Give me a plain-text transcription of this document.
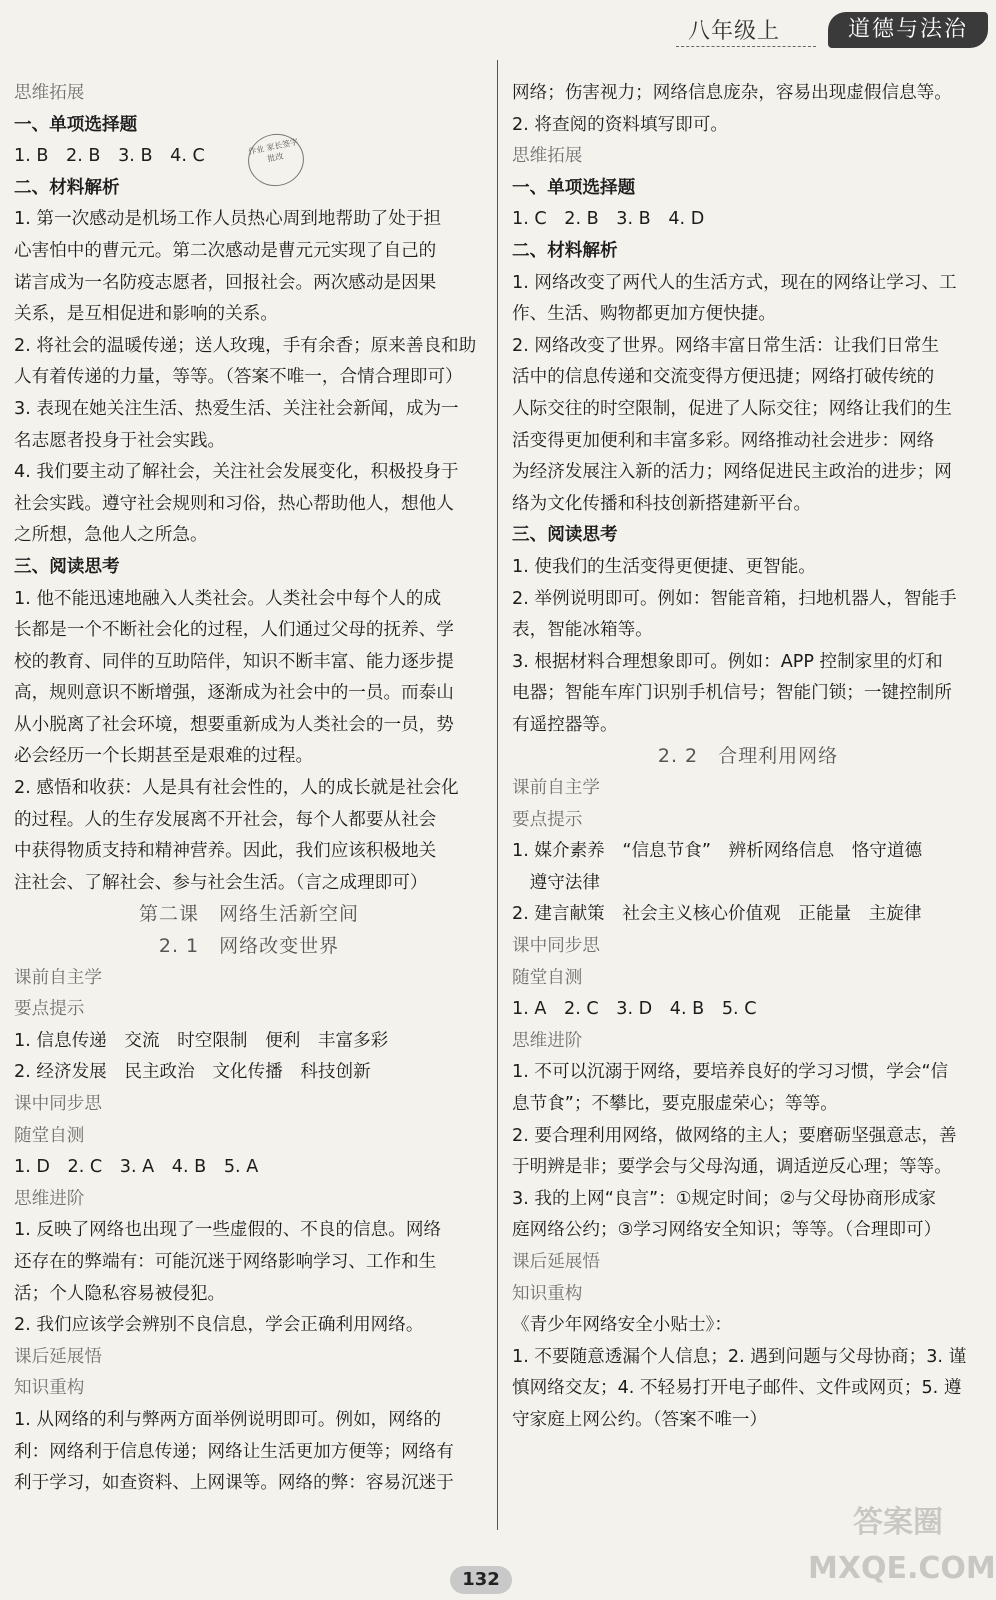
八年级上	道德与法治
作业 家长签字 批改
思维拓展
一、单项选择题
1. B　2. B　3. B　4. C
二、材料解析
1. 第一次感动是机场工作人员热心周到地帮助了处于担
心害怕中的曹元元。第二次感动是曹元元实现了自己的
诺言成为一名防疫志愿者，回报社会。两次感动是因果
关系，是互相促进和影响的关系。
2. 将社会的温暖传递；送人玫瑰，手有余香；原来善良和助
人有着传递的力量，等等。（答案不唯一，合情合理即可）
3. 表现在她关注生活、热爱生活、关注社会新闻，成为一
名志愿者投身于社会实践。
4. 我们要主动了解社会，关注社会发展变化，积极投身于
社会实践。遵守社会规则和习俗，热心帮助他人，想他人
之所想，急他人之所急。
三、阅读思考
1. 他不能迅速地融入人类社会。人类社会中每个人的成
长都是一个不断社会化的过程，人们通过父母的抚养、学
校的教育、同伴的互助陪伴，知识不断丰富、能力逐步提
高，规则意识不断增强，逐渐成为社会中的一员。而泰山
从小脱离了社会环境，想要重新成为人类社会的一员，势
必会经历一个长期甚至是艰难的过程。
2. 感悟和收获：人是具有社会性的，人的成长就是社会化
的过程。人的生存发展离不开社会，每个人都要从社会
中获得物质支持和精神营养。因此，我们应该积极地关
注社会、了解社会、参与社会生活。（言之成理即可）
第二课　网络生活新空间
2. 1　网络改变世界
课前自主学
要点提示
1. 信息传递　交流　时空限制　便利　丰富多彩
2. 经济发展　民主政治　文化传播　科技创新
课中同步思
随堂自测
1. D　2. C　3. A　4. B　5. A
思维进阶
1. 反映了网络也出现了一些虚假的、不良的信息。网络
还存在的弊端有：可能沉迷于网络影响学习、工作和生
活；个人隐私容易被侵犯。
2. 我们应该学会辨别不良信息，学会正确利用网络。
课后延展悟
知识重构
1. 从网络的利与弊两方面举例说明即可。例如，网络的
利：网络利于信息传递；网络让生活更加方便等；网络有
利于学习，如查资料、上网课等。网络的弊：容易沉迷于
网络；伤害视力；网络信息庞杂，容易出现虚假信息等。
2. 将查阅的资料填写即可。
思维拓展
一、单项选择题
1. C　2. B　3. B　4. D
二、材料解析
1. 网络改变了两代人的生活方式，现在的网络让学习、工
作、生活、购物都更加方便快捷。
2. 网络改变了世界。网络丰富日常生活：让我们日常生
活中的信息传递和交流变得方便迅捷；网络打破传统的
人际交往的时空限制，促进了人际交往；网络让我们的生
活变得更加便利和丰富多彩。网络推动社会进步：网络
为经济发展注入新的活力；网络促进民主政治的进步；网
络为文化传播和科技创新搭建新平台。
三、阅读思考
1. 使我们的生活变得更便捷、更智能。
2. 举例说明即可。例如：智能音箱，扫地机器人，智能手
表，智能冰箱等。
3. 根据材料合理想象即可。例如：APP 控制家里的灯和
电器；智能车库门识别手机信号；智能门锁；一键控制所
有遥控器等。
2. 2　合理利用网络
课前自主学
要点提示
1. 媒介素养　“信息节食”　辨析网络信息　恪守道德
　遵守法律
2. 建言献策　社会主义核心价值观　正能量　主旋律
课中同步思
随堂自测
1. A　2. C　3. D　4. B　5. C
思维进阶
1. 不可以沉溺于网络，要培养良好的学习习惯，学会“信
息节食”；不攀比，要克服虚荣心；等等。
2. 要合理利用网络，做网络的主人；要磨砺坚强意志，善
于明辨是非；要学会与父母沟通，调适逆反心理；等等。
3. 我的上网“良言”：①规定时间；②与父母协商形成家
庭网络公约；③学习网络安全知识；等等。（合理即可）
课后延展悟
知识重构
《青少年网络安全小贴士》：
1. 不要随意透漏个人信息；2. 遇到问题与父母协商；3. 谨
慎网络交友；4. 不轻易打开电子邮件、文件或网页；5. 遵
守家庭上网公约。（答案不唯一）
132
答案圈
MXQE.COM
